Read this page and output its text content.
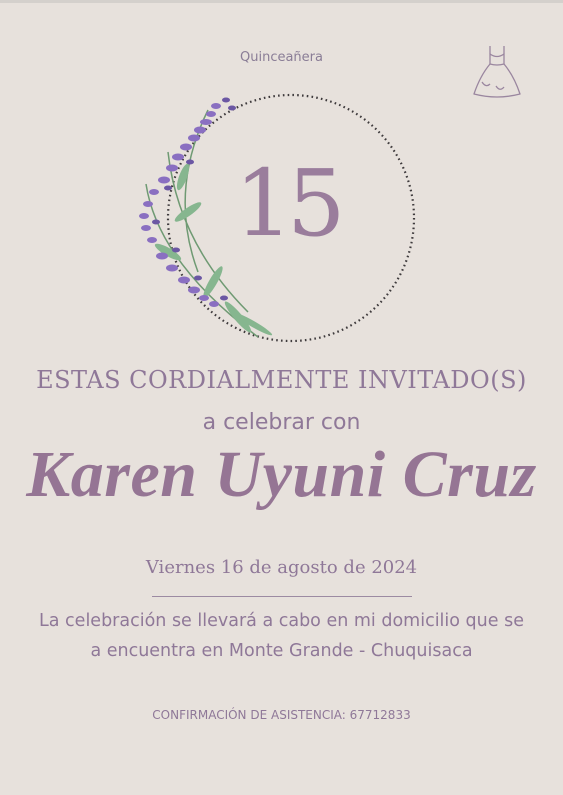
Quinceañera
15
ESTAS CORDIALMENTE INVITADO(S)
a celebrar con
Karen Uyuni Cruz
Viernes 16 de agosto de 2024
La celebración se llevará a cabo en mi domicilio que se
a encuentra en Monte Grande - Chuquisaca
CONFIRMACIÓN DE ASISTENCIA: 67712833
